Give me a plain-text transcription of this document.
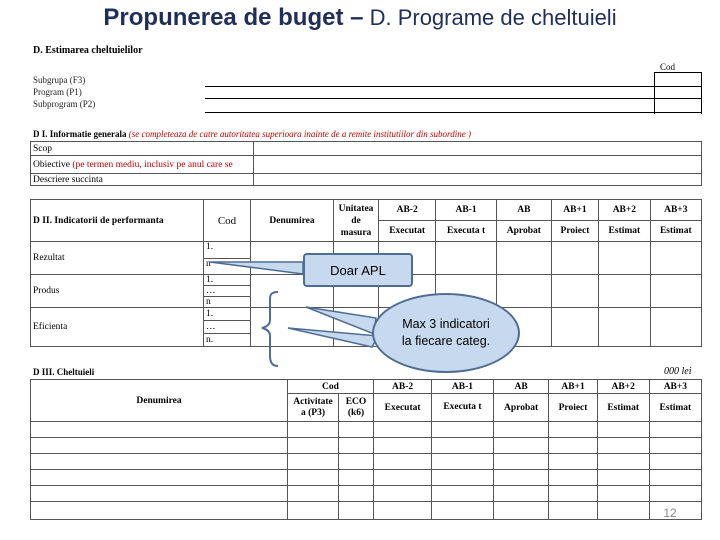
Propunerea de buget – D. Programe de cheltuieli
D. Estimarea cheltuielilor
Cod
Subgrupa (F3)
Program (P1)
Subprogram (P2)
D I. Informatie generala (se completeaza de catre autoritatea superioara inainte de a remite institutiilor din subordine )
Scop	
Obiective (pe termen mediu, inclusiv pe anul care se	
Descriere succinta	
D II. Indicatorii de performanta	Cod	Denumirea	Unitatea de masura	AB-2	AB-1	AB	AB+1	AB+2	AB+3
				Executat	Executa t	Aprobat	Proiect	Estimat	Estimat
Rezultat	1.
n								

Produs	1.
…
n								

Eficienta	1.
…
n.								

D III. Cheltuieli	000 lei
Denumirea	Cod		AB-2	AB-1	AB	AB+1	AB+2	AB+3
	Activitate a (P3)	ECO (k6)	Executat	Executa t	Aprobat	Proiect	Estimat	Estimat

Doar APL
Max 3 indicatori la fiecare categ.
12
